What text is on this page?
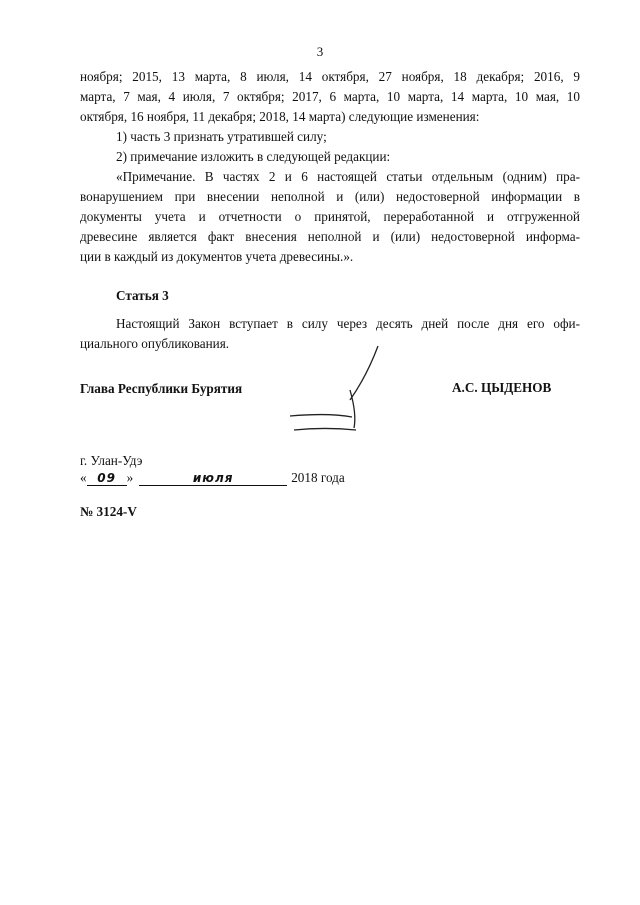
3

ноября; 2015, 13 марта, 8 июля, 14 октября, 27 ноября, 18 декабря; 2016, 9

марта, 7 мая, 4 июля, 7 октября; 2017, 6 марта, 10 марта, 14 марта, 10 мая, 10

октября, 16 ноября, 11 декабря; 2018, 14 марта) следующие изменения:

1) часть 3 признать утратившей силу;

2) примечание изложить в следующей редакции:

«Примечание. В частях 2 и 6 настоящей статьи отдельным (одним) пра-

вонарушением при внесении неполной и (или) недостоверной информации в

документы учета и отчетности о принятой, переработанной и отгруженной

древесине является факт внесения неполной и (или) недостоверной информа-

ции в каждый из документов учета древесины.».

Статья 3

Настоящий Закон вступает в силу через десять дней после дня его офи-

циального опубликования.

Глава Республики Бурятия	А.С. ЦЫДЕНОВ

г. Улан-Удэ

« 09 »	июля	2018 года

№ 3124-V
